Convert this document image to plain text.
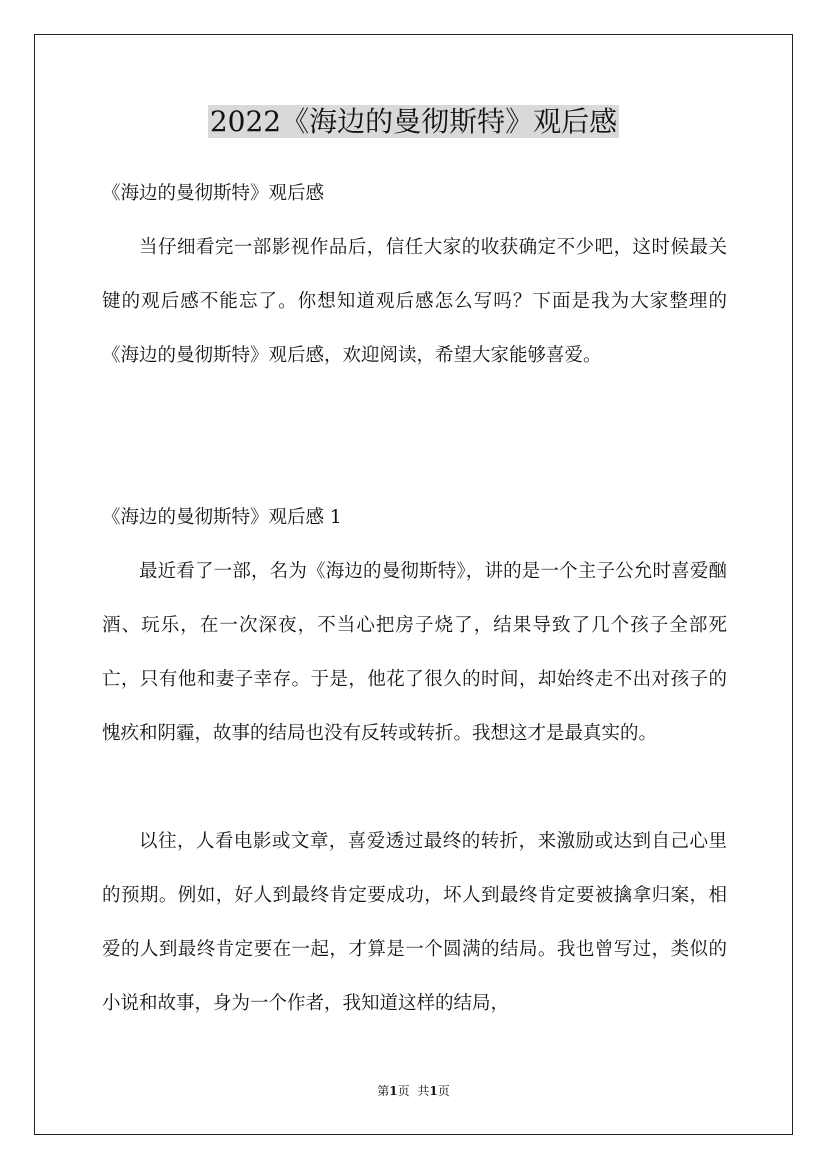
2022《海边的曼彻斯特》观后感

《海边的曼彻斯特》观后感

当仔细看完一部影视作品后，信任大家的收获确定不少吧，这时候最关键的观后感不能忘了。你想知道观后感怎么写吗？下面是我为大家整理的《海边的曼彻斯特》观后感，欢迎阅读，希望大家能够喜爱。

《海边的曼彻斯特》观后感 1

最近看了一部，名为《海边的曼彻斯特》，讲的是一个主子公允时喜爱酗酒、玩乐，在一次深夜，不当心把房子烧了，结果导致了几个孩子全部死亡，只有他和妻子幸存。于是，他花了很久的时间，却始终走不出对孩子的愧疚和阴霾，故事的结局也没有反转或转折。我想这才是最真实的。

以往，人看电影或文章，喜爱透过最终的转折，来激励或达到自己心里的预期。例如，好人到最终肯定要成功，坏人到最终肯定要被擒拿归案，相爱的人到最终肯定要在一起，才算是一个圆满的结局。我也曾写过，类似的小说和故事，身为一个作者，我知道这样的结局，

第1页 共1页
